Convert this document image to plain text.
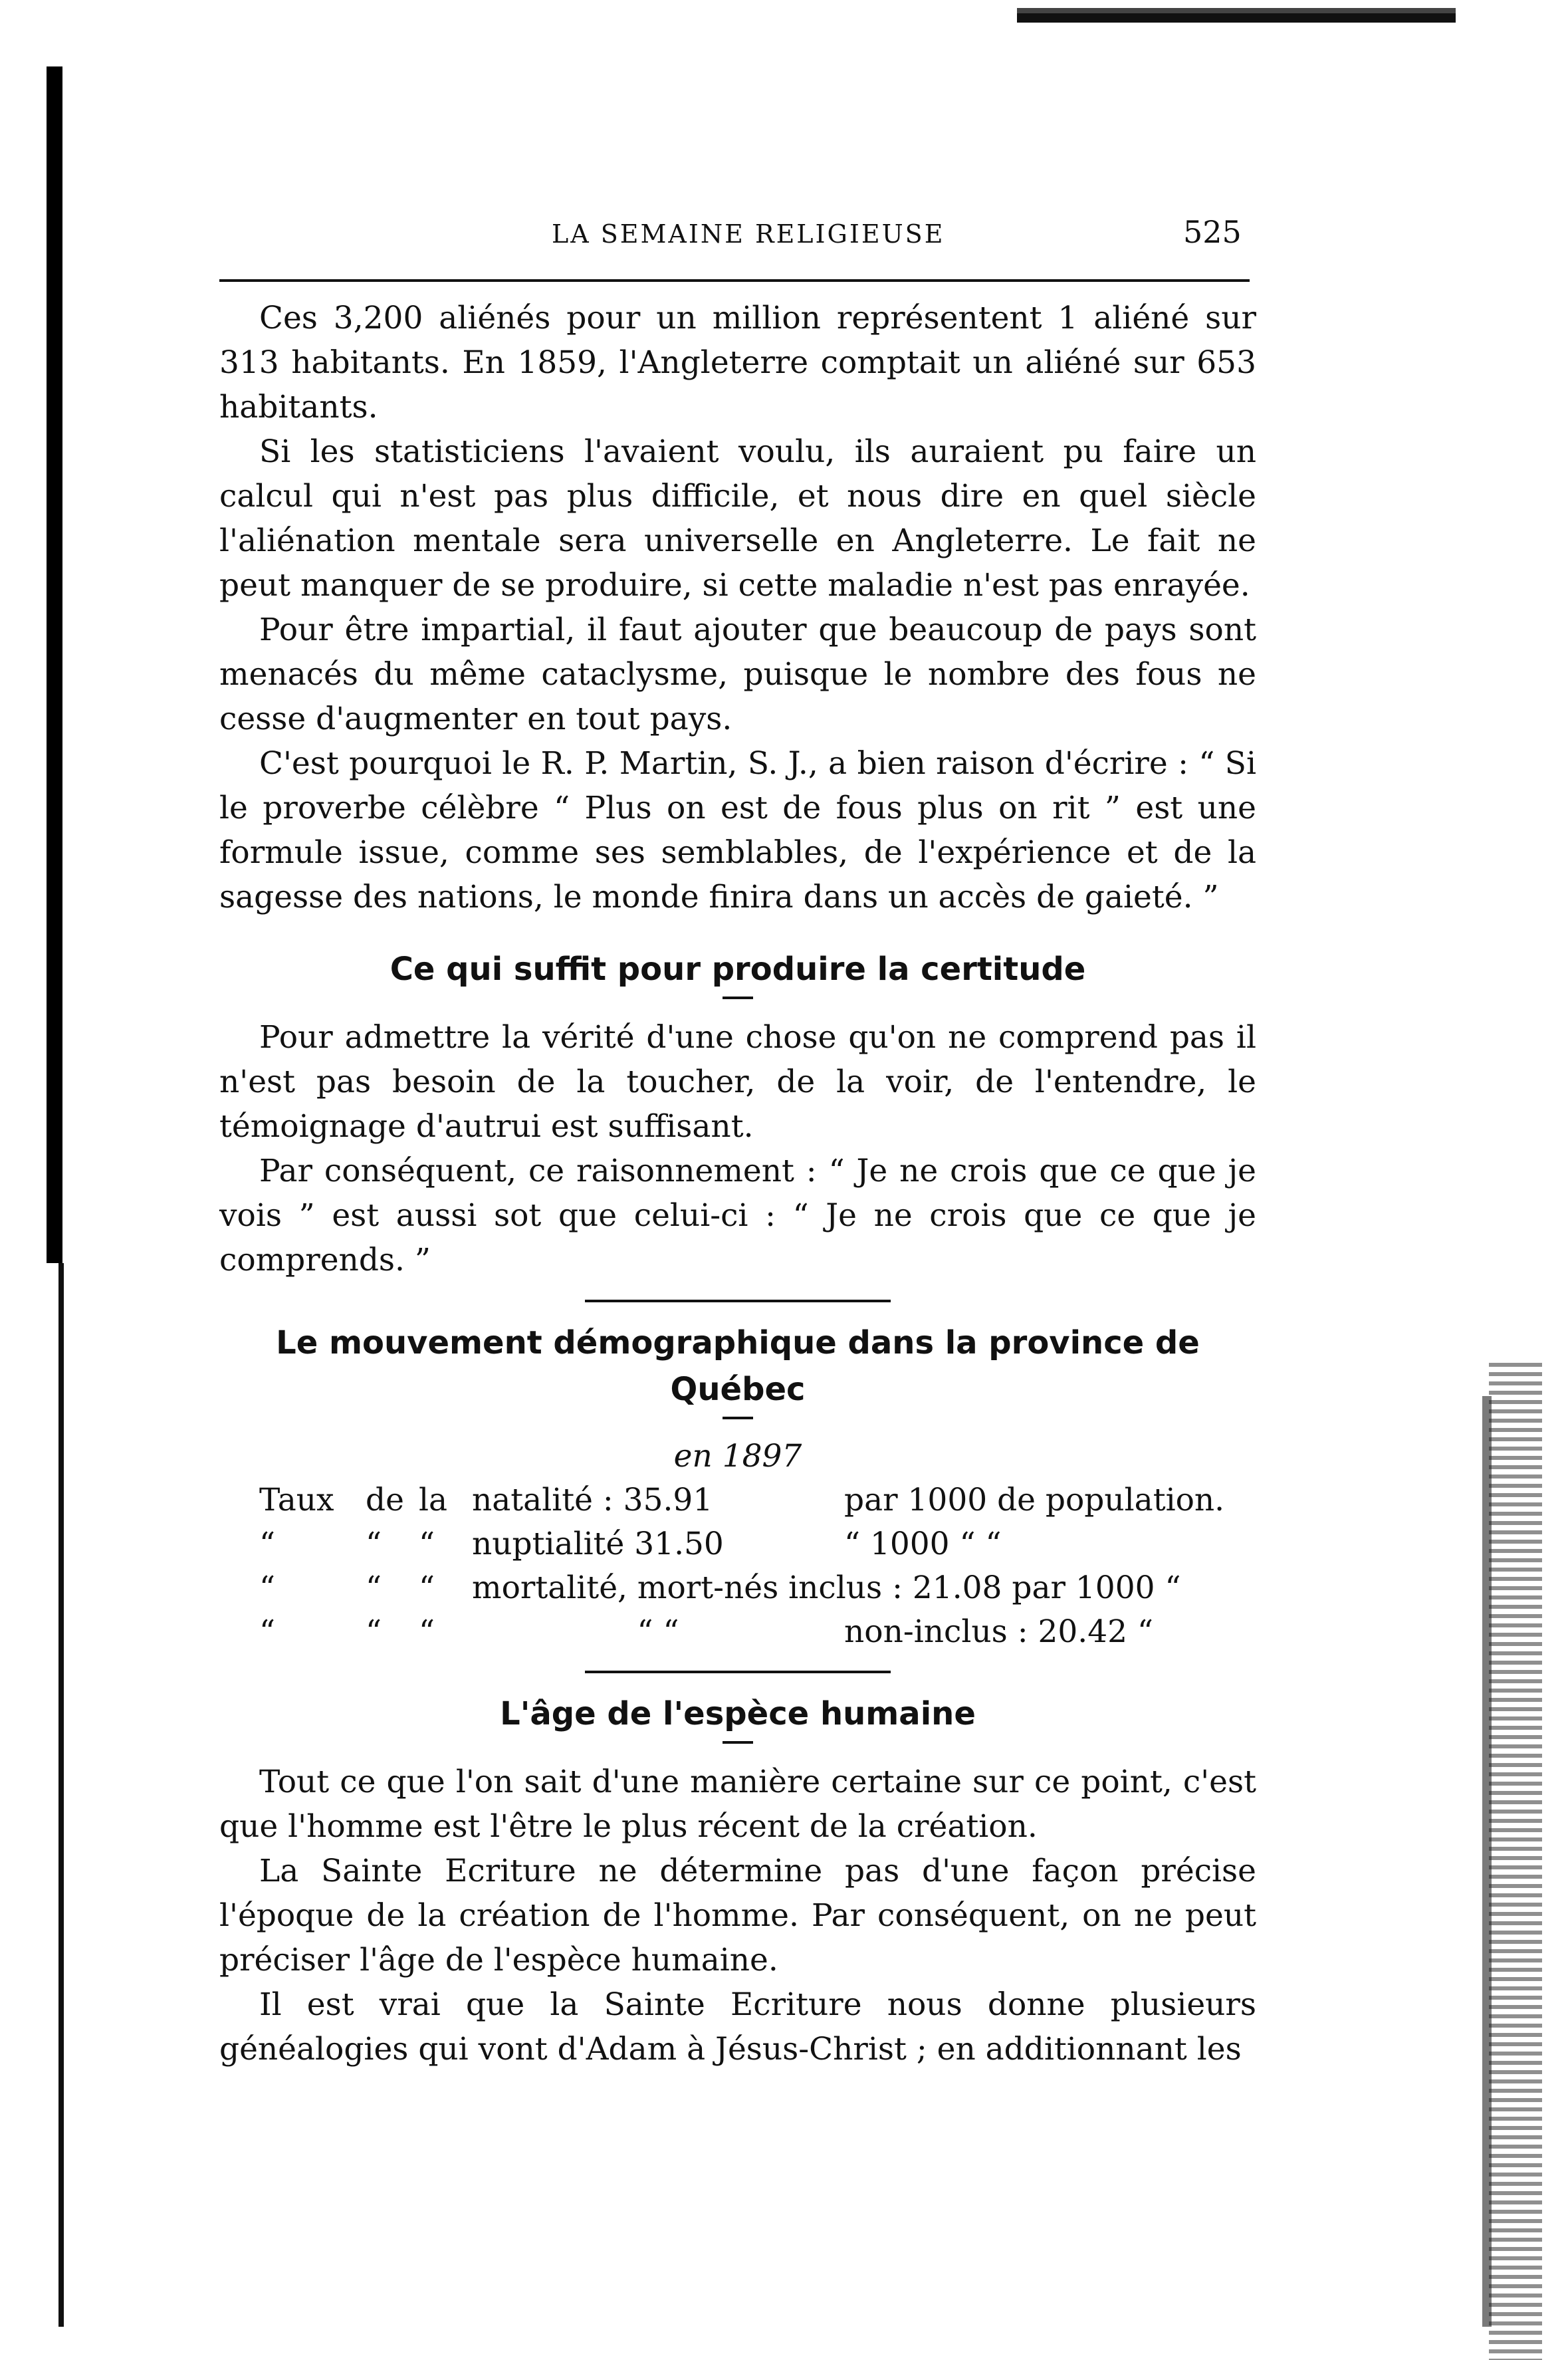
LA SEMAINE RELIGIEUSE	525

Ces 3,200 aliénés pour un million représentent 1 aliéné sur 313 habitants. En 1859, l'Angleterre comptait un aliéné sur 653 habitants.

Si les statisticiens l'avaient voulu, ils auraient pu faire un calcul qui n'est pas plus difficile, et nous dire en quel siècle l'aliénation mentale sera universelle en Angleterre. Le fait ne peut manquer de se produire, si cette maladie n'est pas enrayée.

Pour être impartial, il faut ajouter que beaucoup de pays sont menacés du même cataclysme, puisque le nombre des fous ne cesse d'augmenter en tout pays.

C'est pourquoi le R. P. Martin, S. J., a bien raison d'écrire : “ Si le proverbe célèbre “ Plus on est de fous plus on rit ” est une formule issue, comme ses semblables, de l'expérience et de la sagesse des nations, le monde finira dans un accès de gaieté. ”

Ce qui suffit pour produire la certitude

Pour admettre la vérité d'une chose qu'on ne comprend pas il n'est pas besoin de la toucher, de la voir, de l'entendre, le témoignage d'autrui est suffisant.

Par conséquent, ce raisonnement : “ Je ne crois que ce que je vois ” est aussi sot que celui-ci : “ Je ne crois que ce que je comprends. ”

Le mouvement démographique dans la province de Québec
en 1897
Taux	de	la	natalité : 35.91	par 1000 de population.
“	“	“	nuptialité 31.50	“ 1000 “ “
“	“	“	mortalité, mort-nés inclus : 21.08 par 1000 “	
“	“	“	“ “	non-inclus : 20.42 “
L'âge de l'espèce humaine

Tout ce que l'on sait d'une manière certaine sur ce point, c'est que l'homme est l'être le plus récent de la création.

La Sainte Ecriture ne détermine pas d'une façon précise l'époque de la création de l'homme. Par conséquent, on ne peut préciser l'âge de l'espèce humaine.

Il est vrai que la Sainte Ecriture nous donne plusieurs généalogies qui vont d'Adam à Jésus-Christ ; en additionnant les
